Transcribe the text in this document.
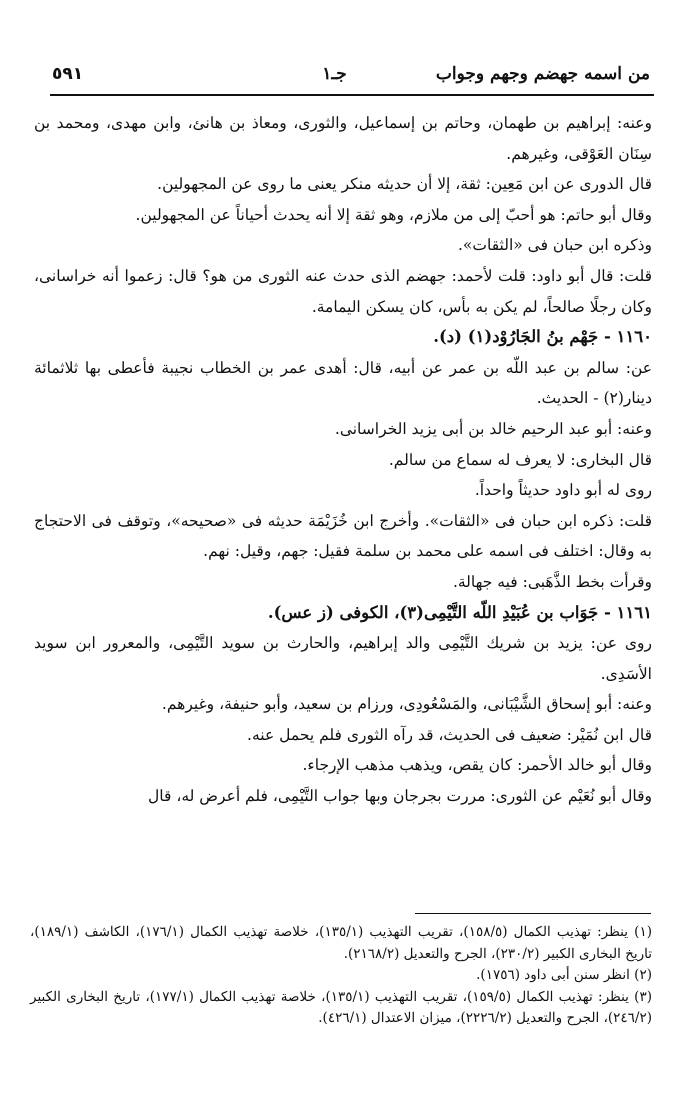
من اسمه جهضم وجهم وجواب
جـ١
٥٩١

وعنه: إبراهيم بن طهمان، وحاتم بن إسماعيل، والثورى، ومعاذ بن هانئ، وابن مهدى، ومحمد بن سِنَان العَوْقى، وغيرهم.

قال الدورى عن ابن مَعِين: ثقة، إلا أن حديثه منكر يعنى ما روى عن المجهولين.

وقال أبو حاتم: هو أحبّ إلى من ملازم، وهو ثقة إلا أنه يحدث أحياناً عن المجهولين.

وذكره ابن حبان فى «الثقات».

قلت: قال أبو داود: قلت لأحمد: جهضم الذى حدث عنه الثورى من هو؟ قال: زعموا أنه خراسانى، وكان رجلًا صالحاً، لم يكن به بأس، كان يسكن اليمامة.

١١٦٠ - جَهْم بنُ الجَارُوْد(١) (د).

عن: سالم بن عبد اللّه بن عمر عن أبيه، قال: أهدى عمر بن الخطاب نجيبة فأعطى بها ثلاثمائة دينار(٢) - الحديث.

وعنه: أبو عبد الرحيم خالد بن أبى يزيد الخراسانى.

قال البخارى: لا يعرف له سماع من سالم.

روى له أبو داود حديثاً واحداً.

قلت: ذكره ابن حبان فى «الثقات». وأخرج ابن خُزَيْمَة حديثه فى «صحيحه»، وتوقف فى الاحتجاج به وقال: اختلف فى اسمه على محمد بن سلمة فقيل: جهم، وقيل: نهم.

وقرأت بخط الذَّهَبى: فيه جهالة.

١١٦١ - جَوَاب بن عُبَيْدِ اللّه التَّيْمِى(٣)، الكوفى (ز عس).

روى عن: يزيد بن شريك التَّيْمِى والد إبراهيم، والحارث بن سويد التَّيْمِى، والمعرور ابن سويد الأسَدِى.

وعنه: أبو إسحاق الشَّيْبَانى، والمَسْعُودِى، ورزام بن سعيد، وأبو حنيفة، وغيرهم.

قال ابن نُمَيْر: ضعيف فى الحديث، قد رآه الثورى فلم يحمل عنه.

وقال أبو خالد الأحمر: كان يقص، ويذهب مذهب الإرجاء.

وقال أبو نُعَيْم عن الثورى: مررت بجرجان وبها جواب التَّيْمِى، فلم أعرض له، قال

(١) ينظر: تهذيب الكمال (١٥٨/٥)، تقريب التهذيب (١٣٥/١)، خلاصة تهذيب الكمال (١٧٦/١)، الكاشف (١٨٩/١)، تاريخ البخارى الكبير (٢٣٠/٢)، الجرح والتعديل (٢١٦٨/٢).

(٢) انظر سنن أبى داود (١٧٥٦).

(٣) ينظر: تهذيب الكمال (١٥٩/٥)، تقريب التهذيب (١٣٥/١)، خلاصة تهذيب الكمال (١٧٧/١)، تاريخ البخارى الكبير (٢٤٦/٢)، الجرح والتعديل (٢٢٢٦/٢)، ميزان الاعتدال (٤٢٦/١).
